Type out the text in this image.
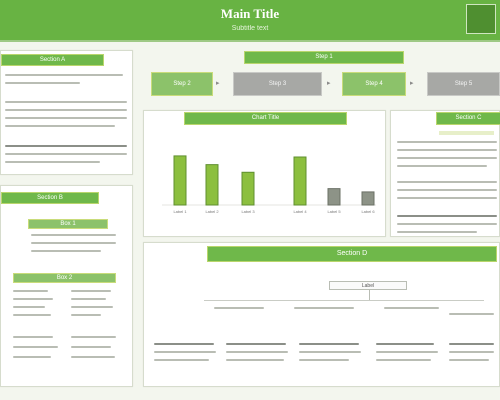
Main Title
Subtitle text
Section A
Section B
Box 1
Box 2
Step 1
Step 2	▸	Step 3	▸	Step 4	▸	Step 5
Chart Title
Label 1	Label 2	Label 3	Label 4	Label 5	Label 6
Section C
Section D
Label
